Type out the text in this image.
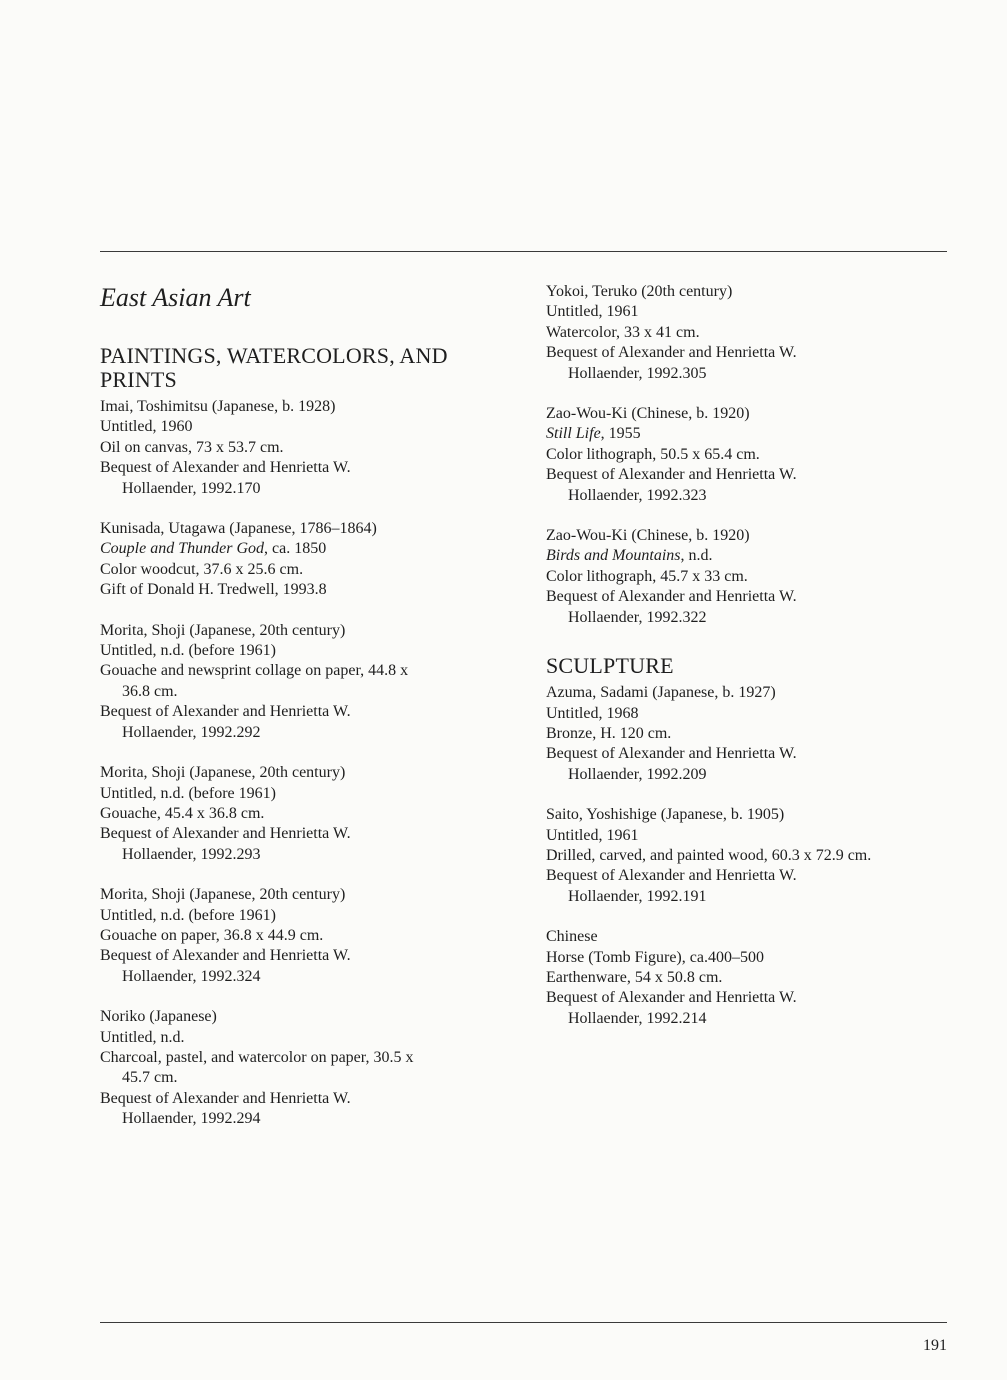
East Asian Art
PAINTINGS, WATERCOLORS, AND PRINTS
Imai, Toshimitsu (Japanese, b. 1928)
Untitled, 1960
Oil on canvas, 73 x 53.7 cm.
Bequest of Alexander and Henrietta W.
Hollaender, 1992.170
Kunisada, Utagawa (Japanese, 1786–1864)
Couple and Thunder God, ca. 1850
Color woodcut, 37.6 x 25.6 cm.
Gift of Donald H. Tredwell, 1993.8
Morita, Shoji (Japanese, 20th century)
Untitled, n.d. (before 1961)
Gouache and newsprint collage on paper, 44.8 x
36.8 cm.
Bequest of Alexander and Henrietta W.
Hollaender, 1992.292
Morita, Shoji (Japanese, 20th century)
Untitled, n.d. (before 1961)
Gouache, 45.4 x 36.8 cm.
Bequest of Alexander and Henrietta W.
Hollaender, 1992.293
Morita, Shoji (Japanese, 20th century)
Untitled, n.d. (before 1961)
Gouache on paper, 36.8 x 44.9 cm.
Bequest of Alexander and Henrietta W.
Hollaender, 1992.324
Noriko (Japanese)
Untitled, n.d.
Charcoal, pastel, and watercolor on paper, 30.5 x
45.7 cm.
Bequest of Alexander and Henrietta W.
Hollaender, 1992.294
Yokoi, Teruko (20th century)
Untitled, 1961
Watercolor, 33 x 41 cm.
Bequest of Alexander and Henrietta W.
Hollaender, 1992.305
Zao-Wou-Ki (Chinese, b. 1920)
Still Life, 1955
Color lithograph, 50.5 x 65.4 cm.
Bequest of Alexander and Henrietta W.
Hollaender, 1992.323
Zao-Wou-Ki (Chinese, b. 1920)
Birds and Mountains, n.d.
Color lithograph, 45.7 x 33 cm.
Bequest of Alexander and Henrietta W.
Hollaender, 1992.322
SCULPTURE
Azuma, Sadami (Japanese, b. 1927)
Untitled, 1968
Bronze, H. 120 cm.
Bequest of Alexander and Henrietta W.
Hollaender, 1992.209
Saito, Yoshishige (Japanese, b. 1905)
Untitled, 1961
Drilled, carved, and painted wood, 60.3 x 72.9 cm.
Bequest of Alexander and Henrietta W.
Hollaender, 1992.191
Chinese
Horse (Tomb Figure), ca.400–500
Earthenware, 54 x 50.8 cm.
Bequest of Alexander and Henrietta W.
Hollaender, 1992.214
191
